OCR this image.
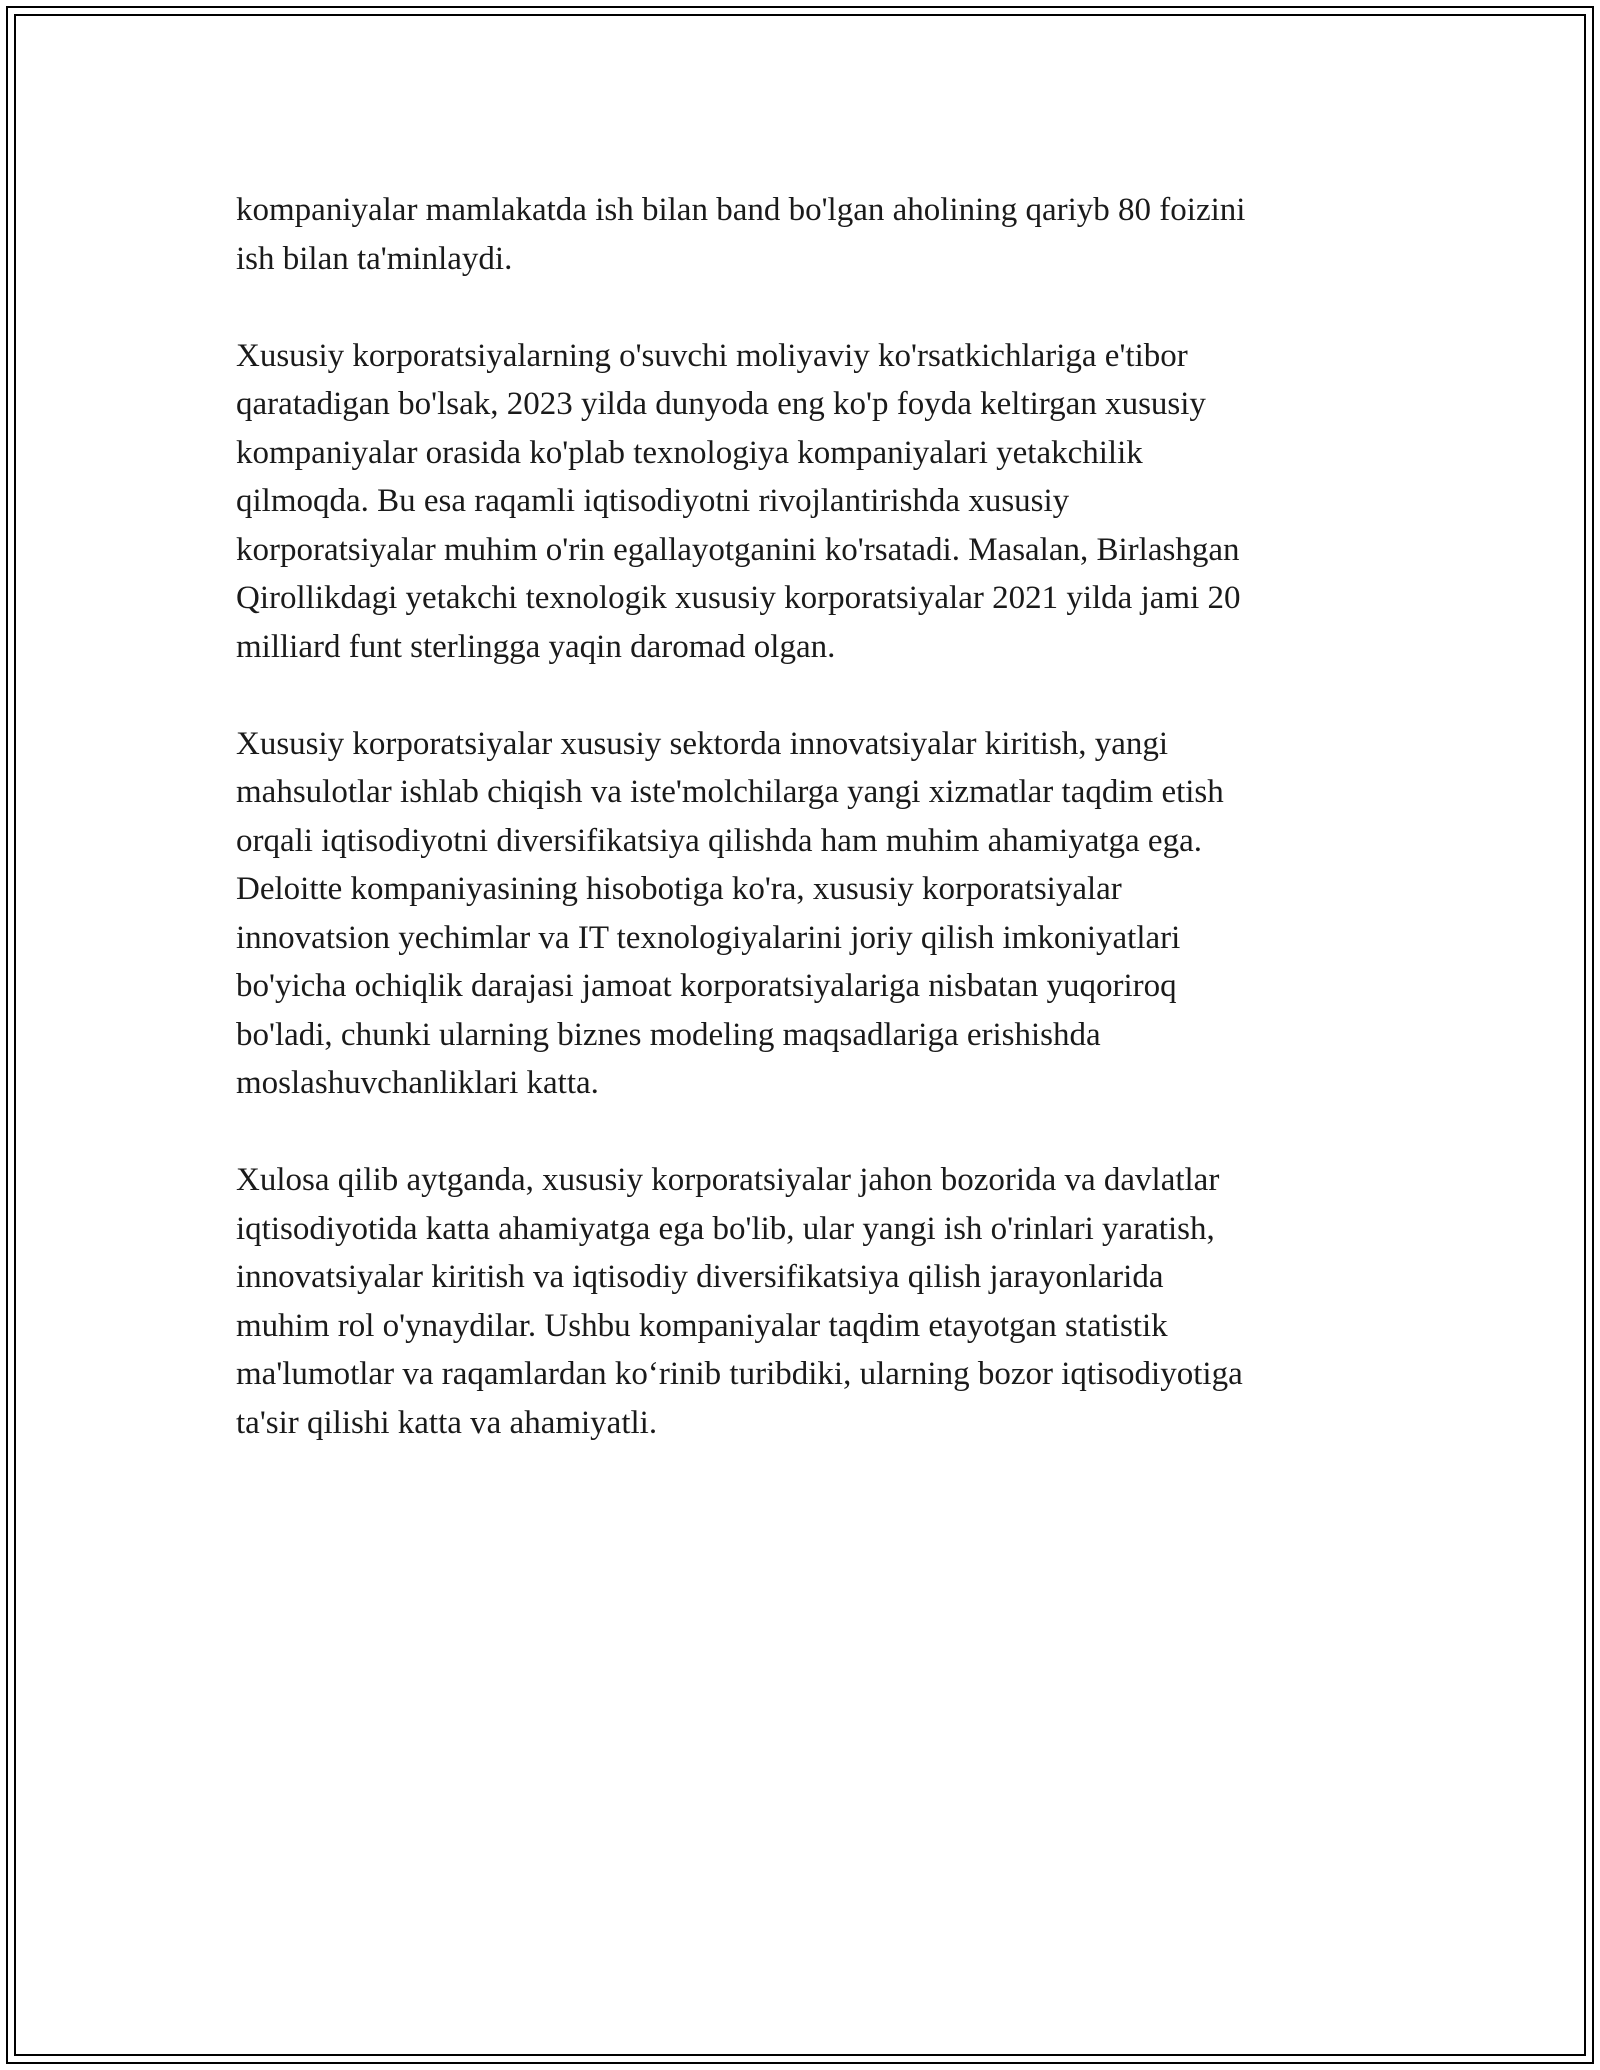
kompaniyalar mamlakatda ish bilan band bo'lgan aholining qariyb 80 foizini
ish bilan ta'minlaydi.

Xususiy korporatsiyalarning o'suvchi moliyaviy ko'rsatkichlariga e'tibor
qaratadigan bo'lsak, 2023 yilda dunyoda eng ko'p foyda keltirgan xususiy
kompaniyalar orasida ko'plab texnologiya kompaniyalari yetakchilik
qilmoqda. Bu esa raqamli iqtisodiyotni rivojlantirishda xususiy
korporatsiyalar muhim o'rin egallayotganini ko'rsatadi. Masalan, Birlashgan
Qirollikdagi yetakchi texnologik xususiy korporatsiyalar 2021 yilda jami 20
milliard funt sterlingga yaqin daromad olgan.

Xususiy korporatsiyalar xususiy sektorda innovatsiyalar kiritish, yangi
mahsulotlar ishlab chiqish va iste'molchilarga yangi xizmatlar taqdim etish
orqali iqtisodiyotni diversifikatsiya qilishda ham muhim ahamiyatga ega.
Deloitte kompaniyasining hisobotiga ko'ra, xususiy korporatsiyalar
innovatsion yechimlar va IT texnologiyalarini joriy qilish imkoniyatlari
bo'yicha ochiqlik darajasi jamoat korporatsiyalariga nisbatan yuqoriroq
bo'ladi, chunki ularning biznes modeling maqsadlariga erishishda
moslashuvchanliklari katta.

Xulosa qilib aytganda, xususiy korporatsiyalar jahon bozorida va davlatlar
iqtisodiyotida katta ahamiyatga ega bo'lib, ular yangi ish o'rinlari yaratish,
innovatsiyalar kiritish va iqtisodiy diversifikatsiya qilish jarayonlarida
muhim rol o'ynaydilar. Ushbu kompaniyalar taqdim etayotgan statistik
ma'lumotlar va raqamlardan ko‘rinib turibdiki, ularning bozor iqtisodiyotiga
ta'sir qilishi katta va ahamiyatli.
